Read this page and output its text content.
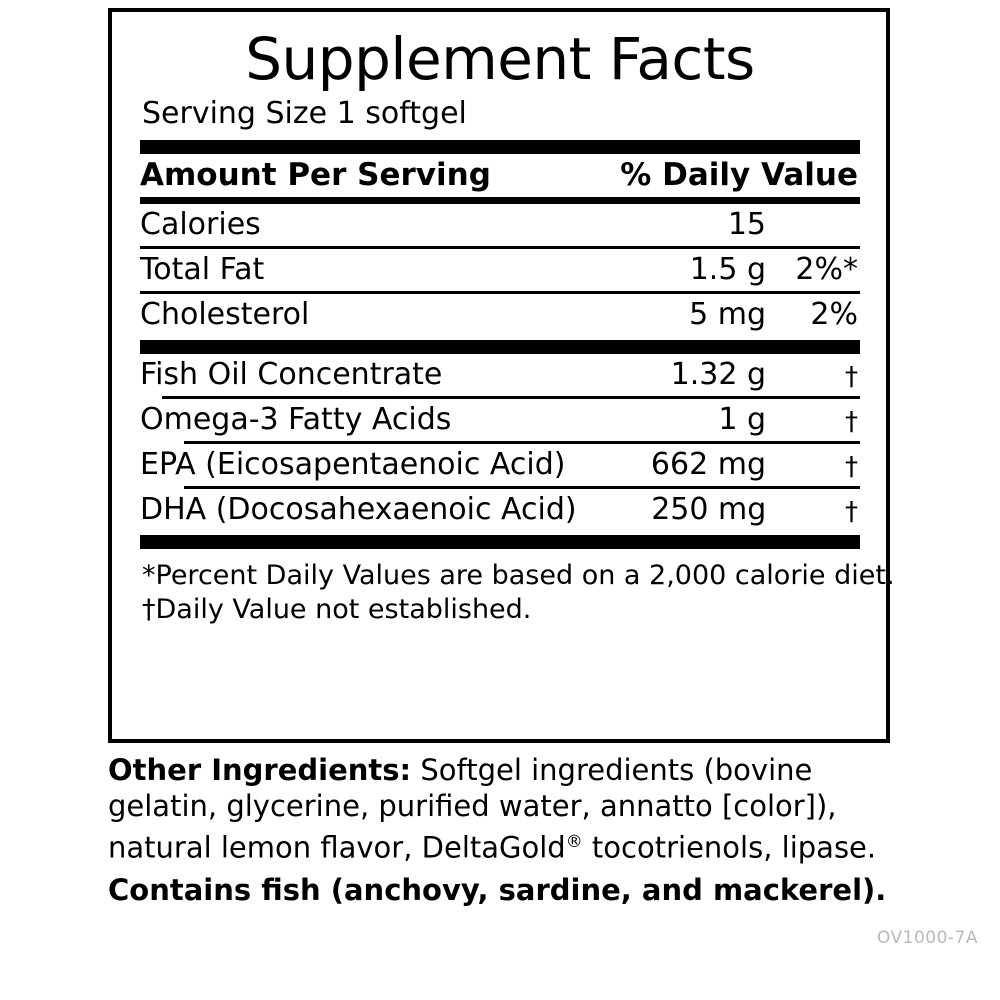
Supplement Facts
Serving Size 1 softgel
Amount Per Serving		% Daily Value
Calories	15	
Total Fat	1.5 g	2%*
Cholesterol	5 mg	2%
Fish Oil Concentrate	1.32 g	†
Omega-3 Fatty Acids	1 g	†
EPA (Eicosapentaenoic Acid)	662 mg	†
DHA (Docosahexaenoic Acid)	250 mg	†
*Percent Daily Values are based on a 2,000 calorie diet.
†Daily Value not established.

Other Ingredients: Softgel ingredients (bovine gelatin, glycerine, purified water, annatto [color]), natural lemon flavor, DeltaGold® tocotrienols, lipase.

Contains fish (anchovy, sardine, and mackerel).

OV1000-7A
